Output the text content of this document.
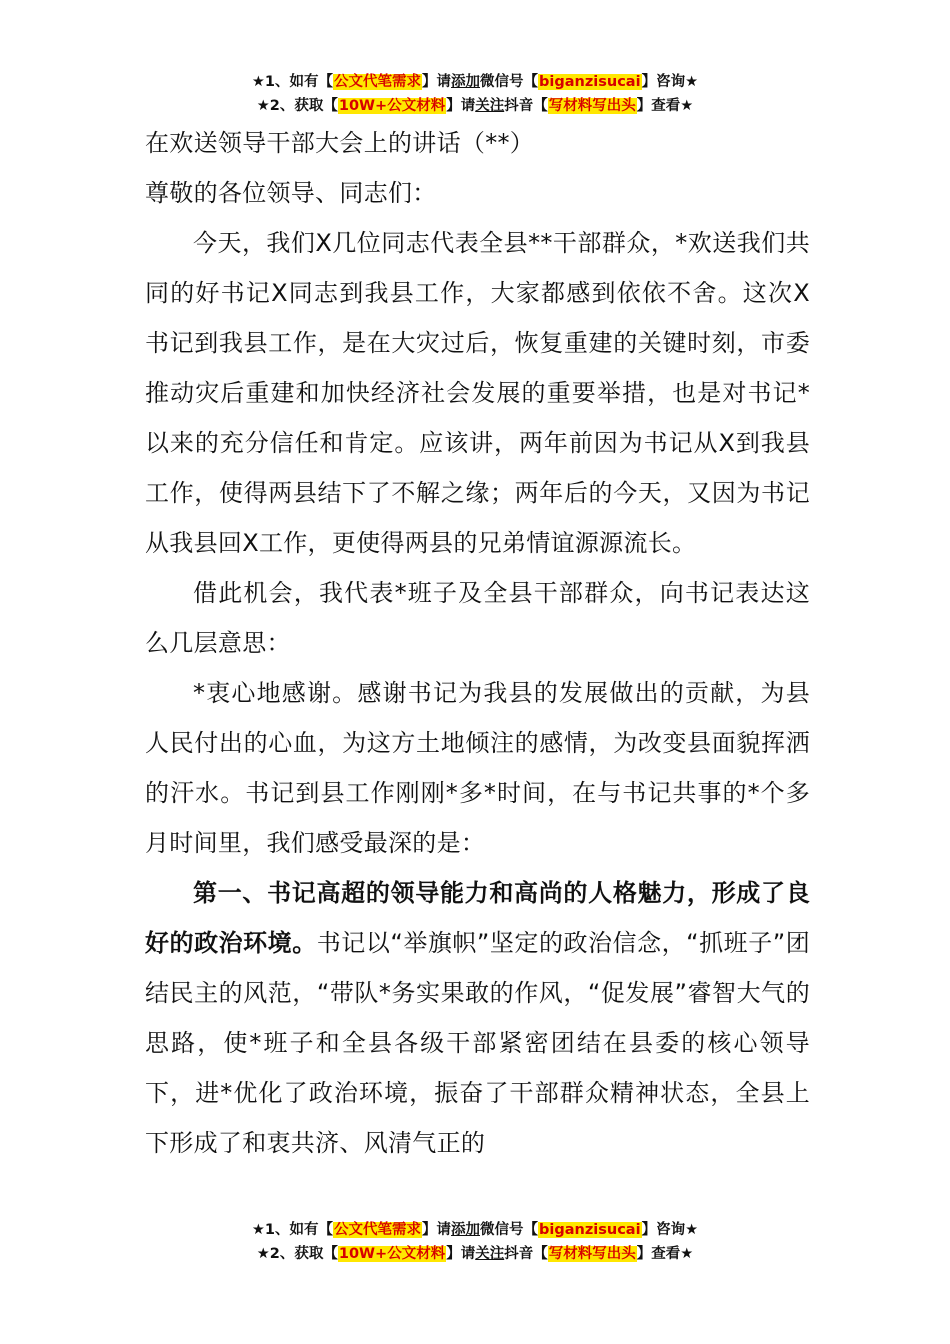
★1、如有【公文代笔需求】请添加微信号【biganzisucai】咨询★
★2、获取【10W+公文材料】请关注抖音【写材料写出头】查看★

在欢送领导干部大会上的讲话（**）

尊敬的各位领导、同志们：

今天，我们X几位同志代表全县**干部群众，*欢送我们共同的好书记X同志到我县工作，大家都感到依依不舍。这次X书记到我县工作，是在大灾过后，恢复重建的关键时刻，市委推动灾后重建和加快经济社会发展的重要举措，也是对书记*以来的充分信任和肯定。应该讲，两年前因为书记从X到我县工作，使得两县结下了不解之缘；两年后的今天，又因为书记从我县回X工作，更使得两县的兄弟情谊源源流长。

借此机会，我代表*班子及全县干部群众，向书记表达这么几层意思：

*衷心地感谢。感谢书记为我县的发展做出的贡献，为县人民付出的心血，为这方土地倾注的感情，为改变县面貌挥洒的汗水。书记到县工作刚刚*多*时间，在与书记共事的*个多月时间里，我们感受最深的是：

第一、书记高超的领导能力和高尚的人格魅力，形成了良好的政治环境。书记以“举旗帜”坚定的政治信念，“抓班子”团结民主的风范，“带队*务实果敢的作风，“促发展”睿智大气的思路，使*班子和全县各级干部紧密团结在县委的核心领导下，进*优化了政治环境，振奋了干部群众精神状态，全县上下形成了和衷共济、风清气正的

★1、如有【公文代笔需求】请添加微信号【biganzisucai】咨询★
★2、获取【10W+公文材料】请关注抖音【写材料写出头】查看★
